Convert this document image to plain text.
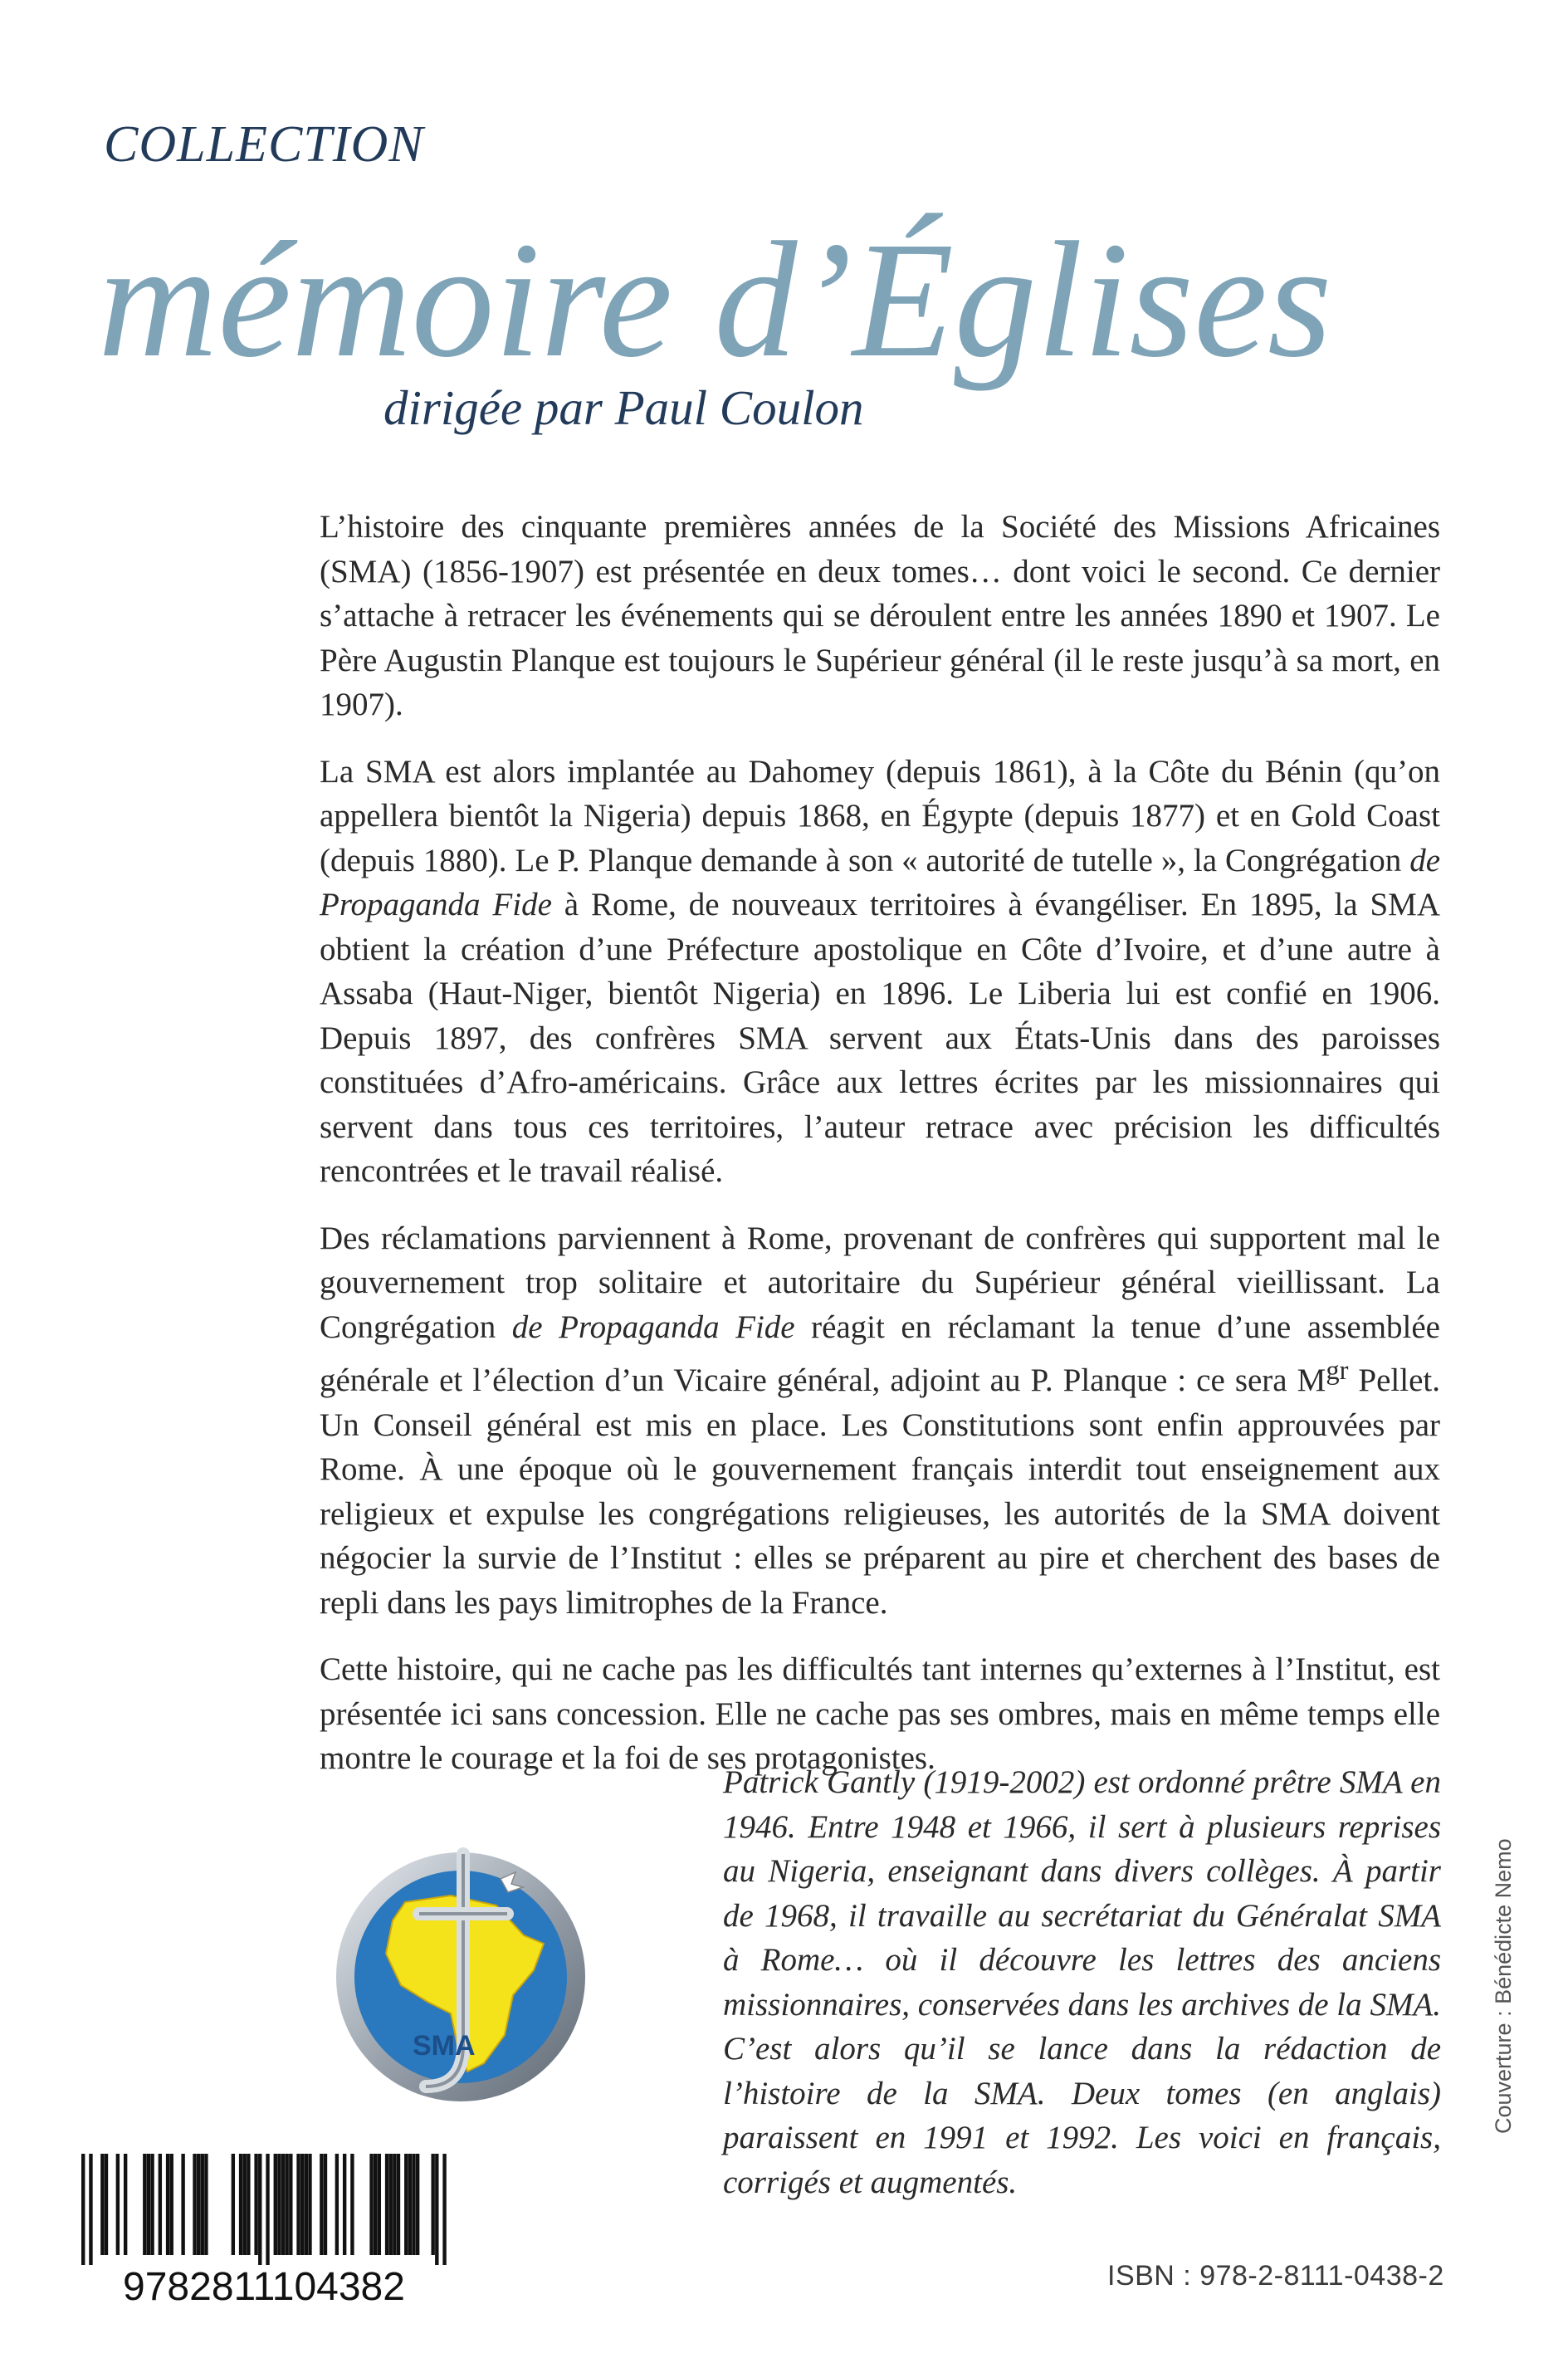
COLLECTION
mémoire d’Églises
dirigée par Paul Coulon

L’histoire des cinquante premières années de la Société des Missions Africaines (SMA) (1856-1907) est présentée en deux tomes… dont voici le second. Ce dernier s’attache à retracer les événements qui se déroulent entre les années 1890 et 1907. Le Père Augustin Planque est toujours le Supérieur général (il le reste jusqu’à sa mort, en 1907).

La SMA est alors implantée au Dahomey (depuis 1861), à la Côte du Bénin (qu’on appellera bientôt la Nigeria) depuis 1868, en Égypte (depuis 1877) et en Gold Coast (depuis 1880). Le P. Planque demande à son « autorité de tutelle », la Congrégation de Propaganda Fide à Rome, de nouveaux territoires à évangéliser. En 1895, la SMA obtient la création d’une Préfecture apostolique en Côte d’Ivoire, et d’une autre à Assaba (Haut-Niger, bientôt Nigeria) en 1896. Le Liberia lui est confié en 1906. Depuis 1897, des confrères SMA servent aux États-Unis dans des paroisses constituées d’Afro-américains. Grâce aux lettres écrites par les missionnaires qui servent dans tous ces territoires, l’auteur retrace avec précision les difficultés rencontrées et le travail réalisé.

Des réclamations parviennent à Rome, provenant de confrères qui supportent mal le gouvernement trop solitaire et autoritaire du Supérieur général vieillissant. La Congrégation de Propaganda Fide réagit en réclamant la tenue d’une assemblée générale et l’élection d’un Vicaire général, adjoint au P. Planque : ce sera $M^{gr}$ Pellet. Un Conseil général est mis en place. Les Constitutions sont enfin approuvées par Rome. À une époque où le gouvernement français interdit tout enseignement aux religieux et expulse les congrégations religieuses, les autorités de la SMA doivent négocier la survie de l’Institut : elles se préparent au pire et cherchent des bases de repli dans les pays limitrophes de la France.

Cette histoire, qui ne cache pas les difficultés tant internes qu’externes à l’Institut, est présentée ici sans concession. Elle ne cache pas ses ombres, mais en même temps elle montre le courage et la foi de ses protagonistes.

SMA
Patrick Gantly (1919-2002) est ordonné prêtre SMA en 1946. Entre 1948 et 1966, il sert à plusieurs reprises au Nigeria, enseignant dans divers collèges. À partir de 1968, il travaille au secrétariat du Généralat SMA à Rome… où il découvre les lettres des anciens missionnaires, conservées dans les archives de la SMA. C’est alors qu’il se lance dans la rédaction de l’histoire de la SMA. Deux tomes (en anglais) paraissent en 1991 et 1992. Les voici en français, corrigés et augmentés.
Couverture : Bénédicte Nemo
9782811104382	ISBN : 978-2-8111-0438-2
